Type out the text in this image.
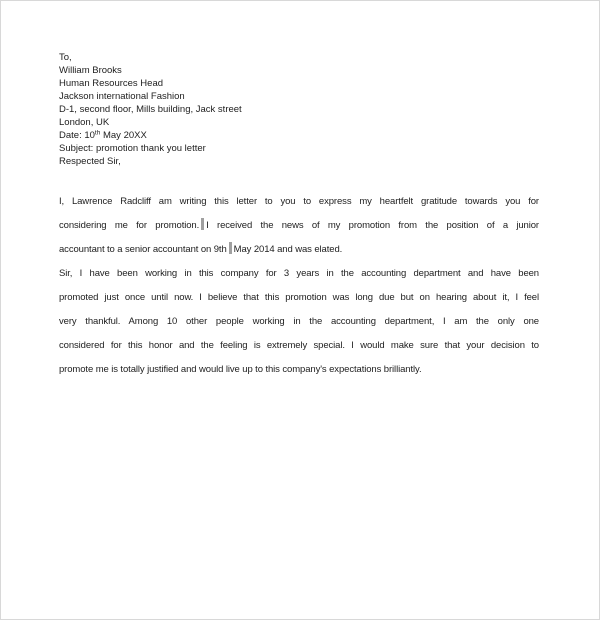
To,

William Brooks

Human Resources Head

Jackson international Fashion

D-1, second floor, Mills building, Jack street

London, UK

Date: 10th May 20XX

Subject: promotion thank you letter

Respected Sir,

I, Lawrence Radcliff am writing this letter to you to express my heartfelt gratitude towards you for
considering me for promotion. I received the news of my promotion from the position of a junior
accountant to a senior accountant on 9th May 2014 and was elated.
Sir, I have been working in this company for 3 years in the accounting department and have been
promoted just once until now. I believe that this promotion was long due but on hearing about it, I feel
very thankful. Among 10 other people working in the accounting department, I am the only one
considered for this honor and the feeling is extremely special. I would make sure that your decision to
promote me is totally justified and would live up to this company's expectations brilliantly.
